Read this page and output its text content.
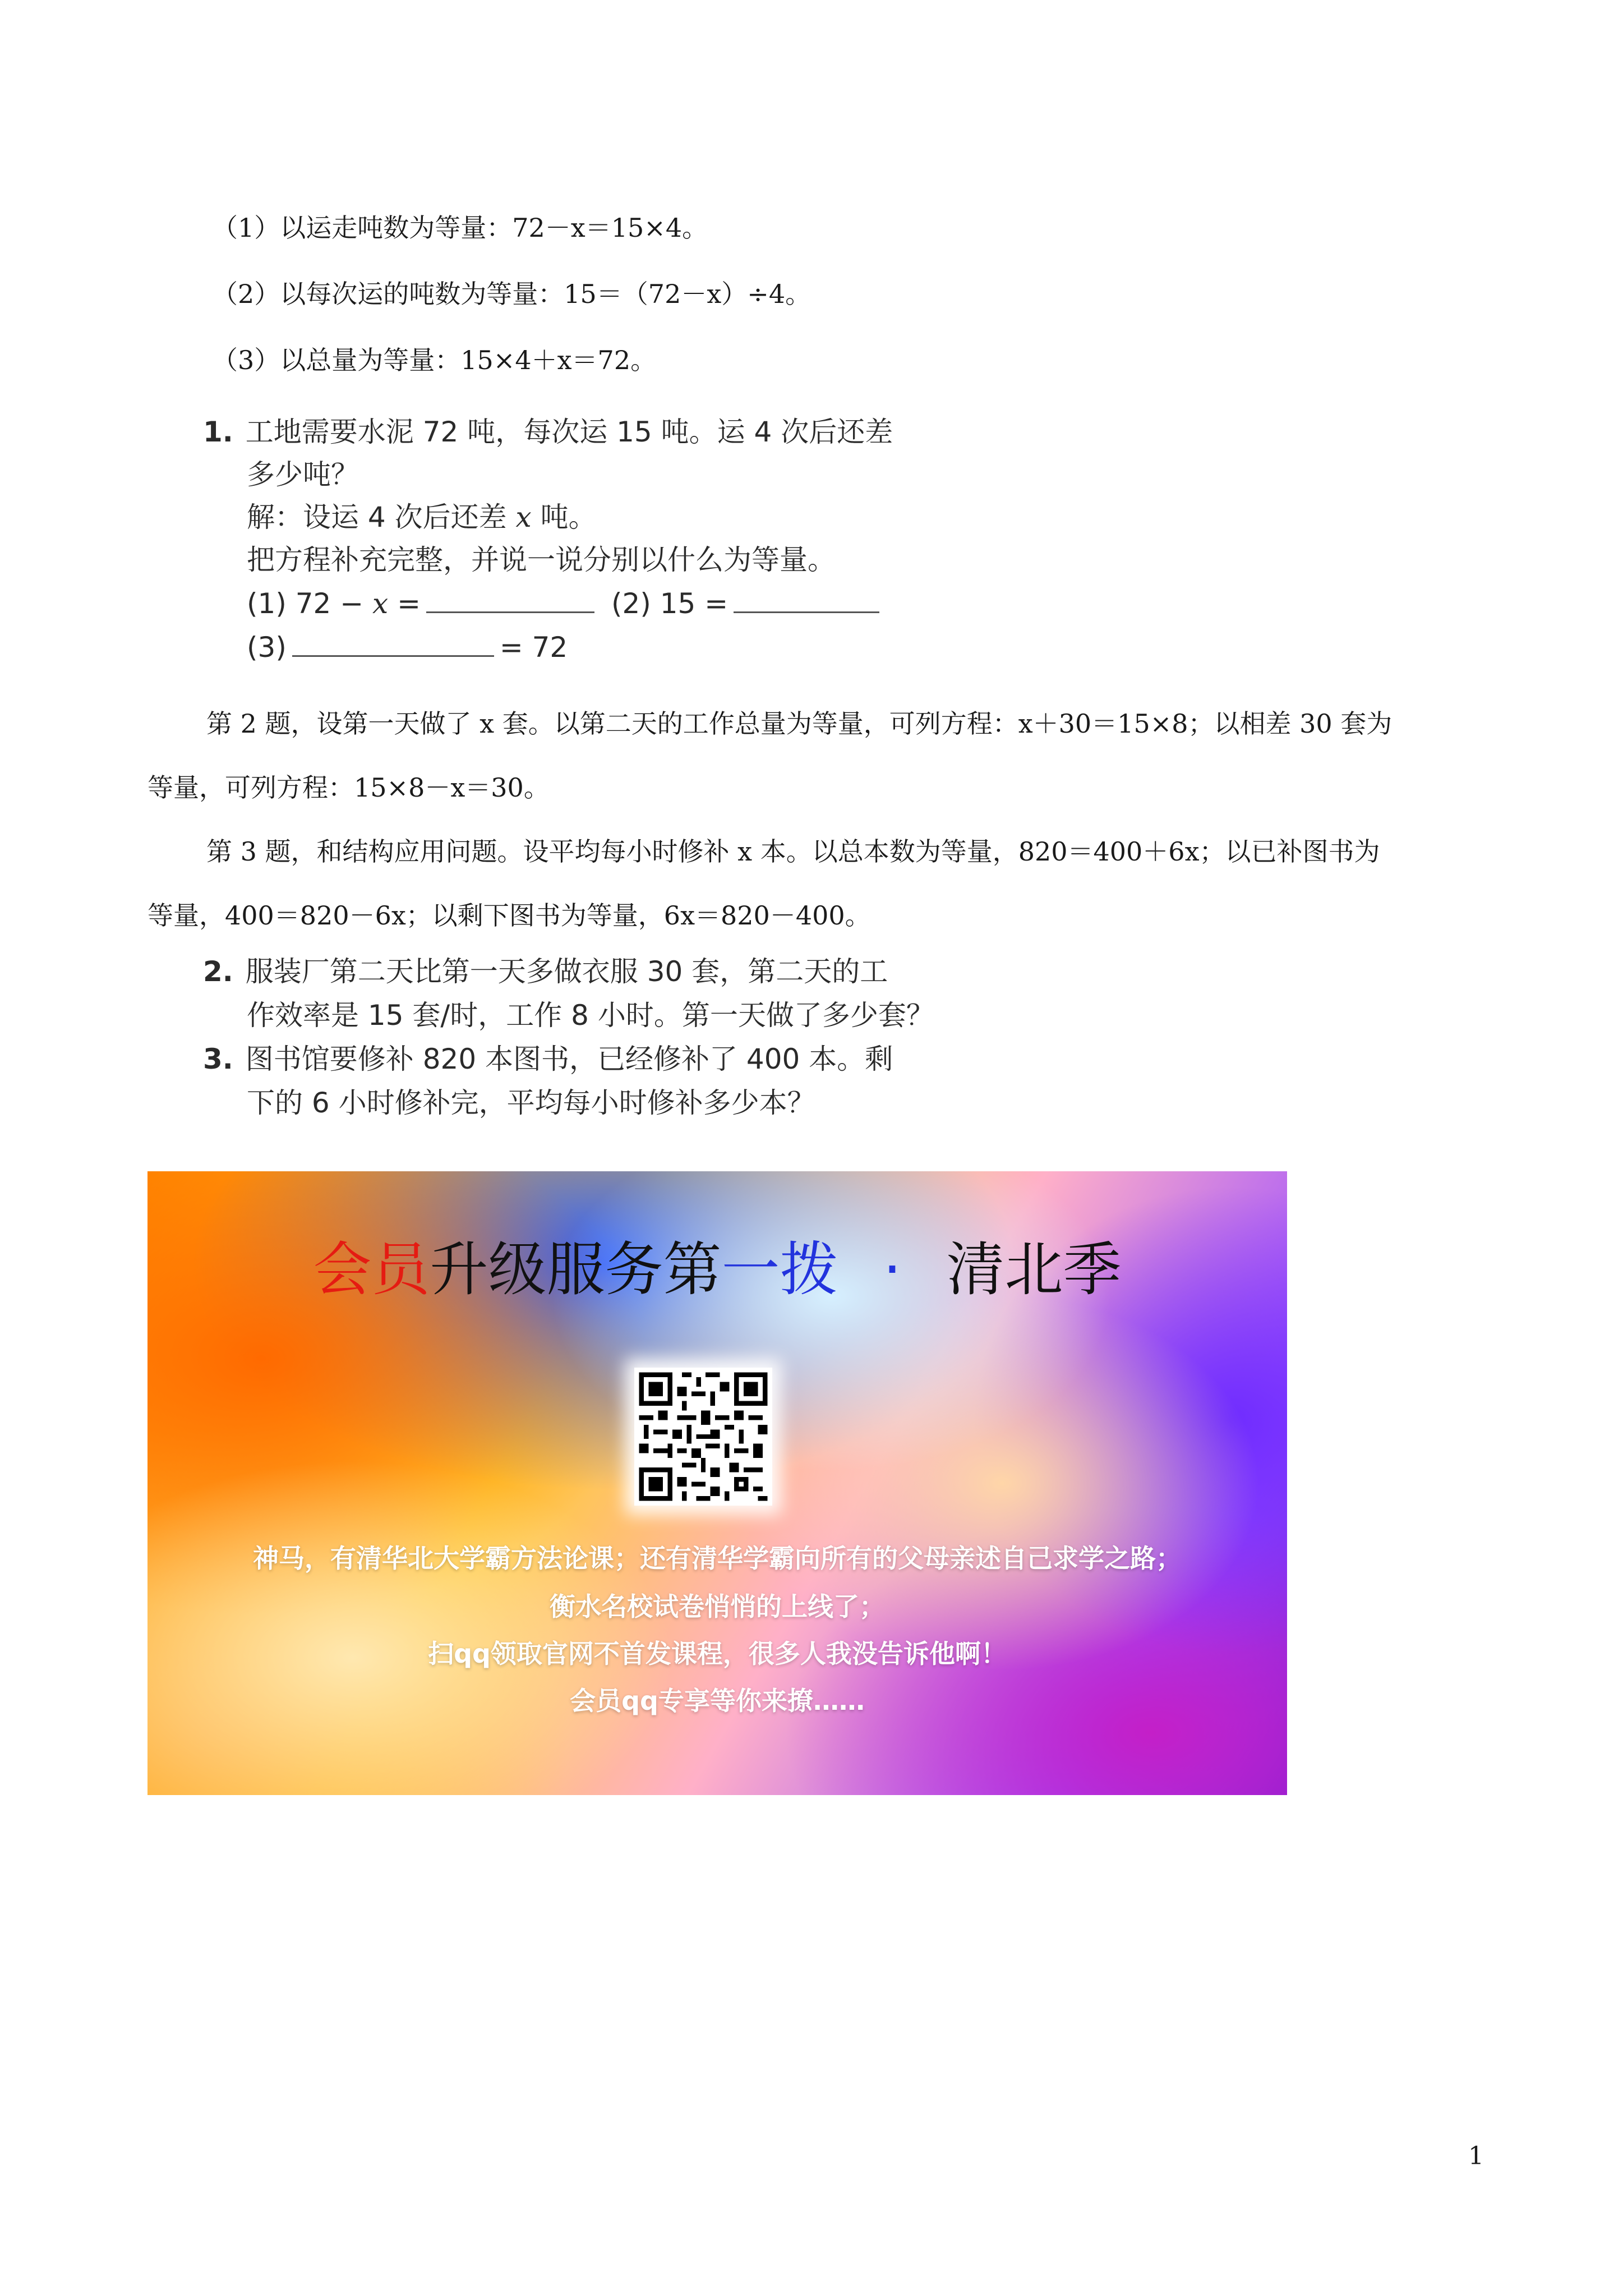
（1）以运走吨数为等量：72－x＝15×4。
（2）以每次运的吨数为等量：15＝（72－x）÷4。
（3）以总量为等量：15×4＋x＝72。
1. 工地需要水泥 72 吨，每次运 15 吨。运 4 次后还差
多少吨？
解：设运 4 次后还差 x 吨。
把方程补充完整，并说一说分别以什么为等量。
(1) 72 − x =	(2) 15 =
(3)	= 72
第 2 题，设第一天做了 x 套。以第二天的工作总量为等量，可列方程：x＋30＝15×8；以相差 30 套为
等量，可列方程：15×8－x＝30。
第 3 题，和结构应用问题。设平均每小时修补 x 本。以总本数为等量，820＝400＋6x；以已补图书为
等量，400＝820－6x；以剩下图书为等量，6x＝820－400。
2. 服装厂第二天比第一天多做衣服 30 套，第二天的工
作效率是 15 套/时，工作 8 小时。第一天做了多少套？
3. 图书馆要修补 820 本图书，已经修补了 400 本。剩
下的 6 小时修补完，平均每小时修补多少本？
会员升级服务第一拨 · 清北季
神马，有清华北大学霸方法论课；还有清华学霸向所有的父母亲述自己求学之路；
衡水名校试卷悄悄的上线了；
扫qq领取官网不首发课程，很多人我没告诉他啊！
会员qq专享等你来撩……
1
